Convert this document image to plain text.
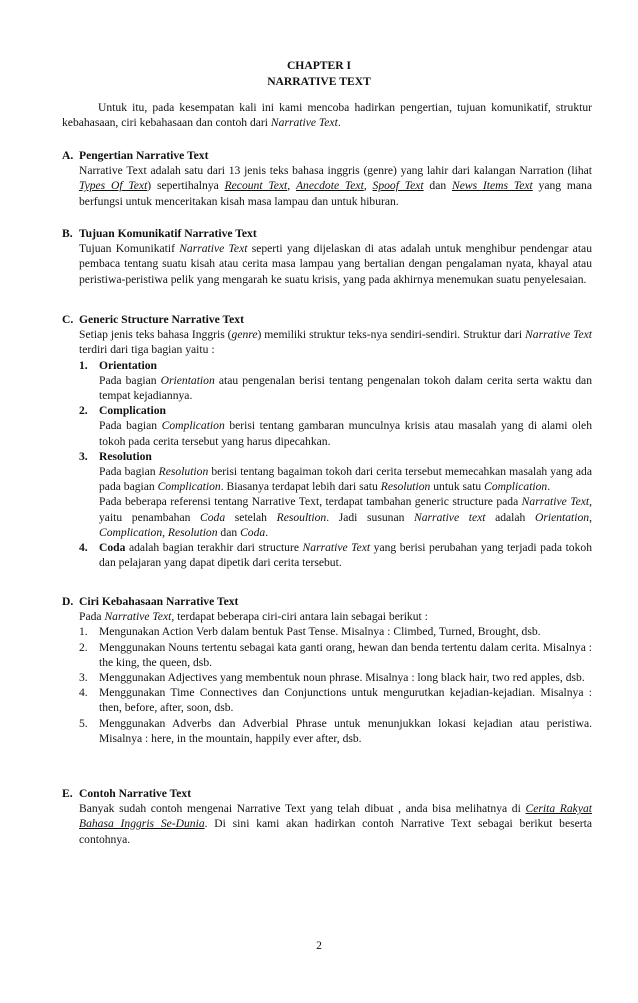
CHAPTER I
NARRATIVE TEXT
Untuk itu, pada kesempatan kali ini kami mencoba hadirkan pengertian, tujuan komunikatif, struktur kebahasaan, ciri kebahasaan dan contoh dari Narrative Text.
A. Pengertian Narrative Text
Narrative Text adalah satu dari 13 jenis teks bahasa inggris (genre) yang lahir dari kalangan Narration (lihat Types Of Text) sepertihalnya Recount Text, Anecdote Text, Spoof Text dan News Items Text yang mana berfungsi untuk menceritakan kisah masa lampau dan untuk hiburan.
B. Tujuan Komunikatif Narrative Text
Tujuan Komunikatif Narrative Text seperti yang dijelaskan di atas adalah untuk menghibur pendengar atau pembaca tentang suatu kisah atau cerita masa lampau yang bertalian dengan pengalaman nyata, khayal atau peristiwa-peristiwa pelik yang mengarah ke suatu krisis, yang pada akhirnya menemukan suatu penyelesaian.
C. Generic Structure Narrative Text
Setiap jenis teks bahasa Inggris (genre) memiliki struktur teks-nya sendiri-sendiri. Struktur dari Narrative Text terdiri dari tiga bagian yaitu :
1. Orientation
Pada bagian Orientation atau pengenalan berisi tentang pengenalan tokoh dalam cerita serta waktu dan tempat kejadiannya.
2. Complication
Pada bagian Complication berisi tentang gambaran munculnya krisis atau masalah yang di alami oleh tokoh pada cerita tersebut yang harus dipecahkan.
3. Resolution
Pada bagian Resolution berisi tentang bagaiman tokoh dari cerita tersebut memecahkan masalah yang ada pada bagian Complication. Biasanya terdapat lebih dari satu Resolution untuk satu Complication.
Pada beberapa referensi tentang Narrative Text, terdapat tambahan generic structure pada Narrative Text, yaitu penambahan Coda setelah Resoultion. Jadi susunan Narrative text adalah Orientation, Complication, Resolution dan Coda.
4. Coda adalah bagian terakhir dari structure Narrative Text yang berisi perubahan yang terjadi pada tokoh dan pelajaran yang dapat dipetik dari cerita tersebut.
D. Ciri Kebahasaan Narrative Text
Pada Narrative Text, terdapat beberapa ciri-ciri antara lain sebagai berikut :
1. Mengunakan Action Verb dalam bentuk Past Tense. Misalnya : Climbed, Turned, Brought, dsb.
2. Menggunakan Nouns tertentu sebagai kata ganti orang, hewan dan benda tertentu dalam cerita. Misalnya : the king, the queen, dsb.
3. Menggunakan Adjectives yang membentuk noun phrase. Misalnya : long black hair, two red apples, dsb.
4. Menggunakan Time Connectives dan Conjunctions untuk mengurutkan kejadian-kejadian. Misalnya : then, before, after, soon, dsb.
5. Menggunakan Adverbs dan Adverbial Phrase untuk menunjukkan lokasi kejadian atau peristiwa. Misalnya : here, in the mountain, happily ever after, dsb.
E. Contoh Narrative Text
Banyak sudah contoh mengenai Narrative Text yang telah dibuat , anda bisa melihatnya di Cerita Rakyat Bahasa Inggris Se-Dunia. Di sini kami akan hadirkan contoh Narrative Text sebagai berikut beserta contohnya.
2
